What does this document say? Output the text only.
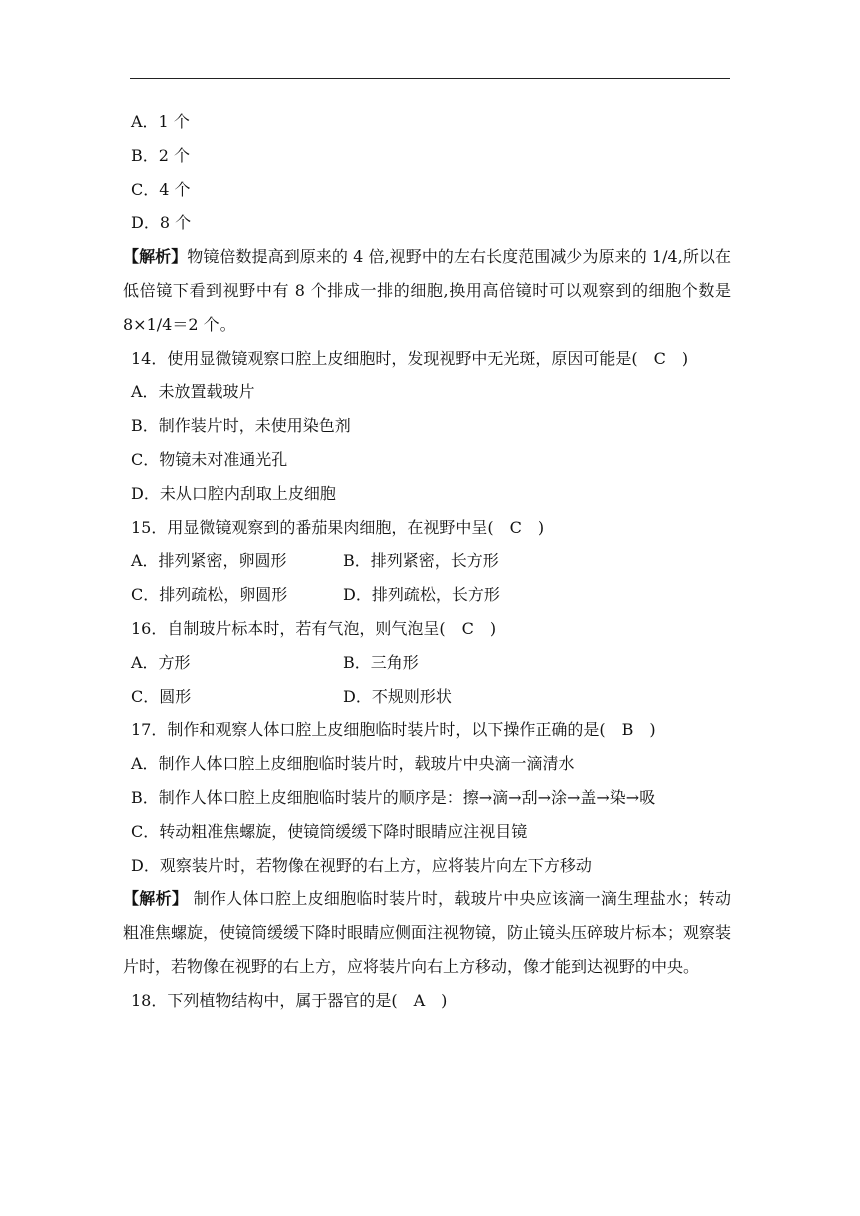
A．1 个
B．2 个
C．4 个
D．8 个
【解析】物镜倍数提高到原来的 4 倍,视野中的左右长度范围减少为原来的 1/4,所以在低倍镜下看到视野中有 8 个排成一排的细胞,换用高倍镜时可以观察到的细胞个数是 8×1/4＝2 个。
14．使用显微镜观察口腔上皮细胞时，发现视野中无光斑，原因可能是(　C　)
A．未放置载玻片
B．制作装片时，未使用染色剂
C．物镜未对准通光孔
D．未从口腔内刮取上皮细胞
15．用显微镜观察到的番茄果肉细胞，在视野中呈(　C　)
A．排列紧密，卵圆形	B．排列紧密，长方形
C．排列疏松，卵圆形	D．排列疏松，长方形
16．自制玻片标本时，若有气泡，则气泡呈(　C　)
A．方形	B．三角形
C．圆形	D．不规则形状
17．制作和观察人体口腔上皮细胞临时装片时，以下操作正确的是(　B　)
A．制作人体口腔上皮细胞临时装片时，载玻片中央滴一滴清水
B．制作人体口腔上皮细胞临时装片的顺序是：擦→滴→刮→涂→盖→染→吸
C．转动粗准焦螺旋，使镜筒缓缓下降时眼睛应注视目镜
D．观察装片时，若物像在视野的右上方，应将装片向左下方移动
【解析】 制作人体口腔上皮细胞临时装片时，载玻片中央应该滴一滴生理盐水；转动粗准焦螺旋，使镜筒缓缓下降时眼睛应侧面注视物镜，防止镜头压碎玻片标本；观察装片时，若物像在视野的右上方，应将装片向右上方移动，像才能到达视野的中央。
18．下列植物结构中，属于器官的是(　A　)
